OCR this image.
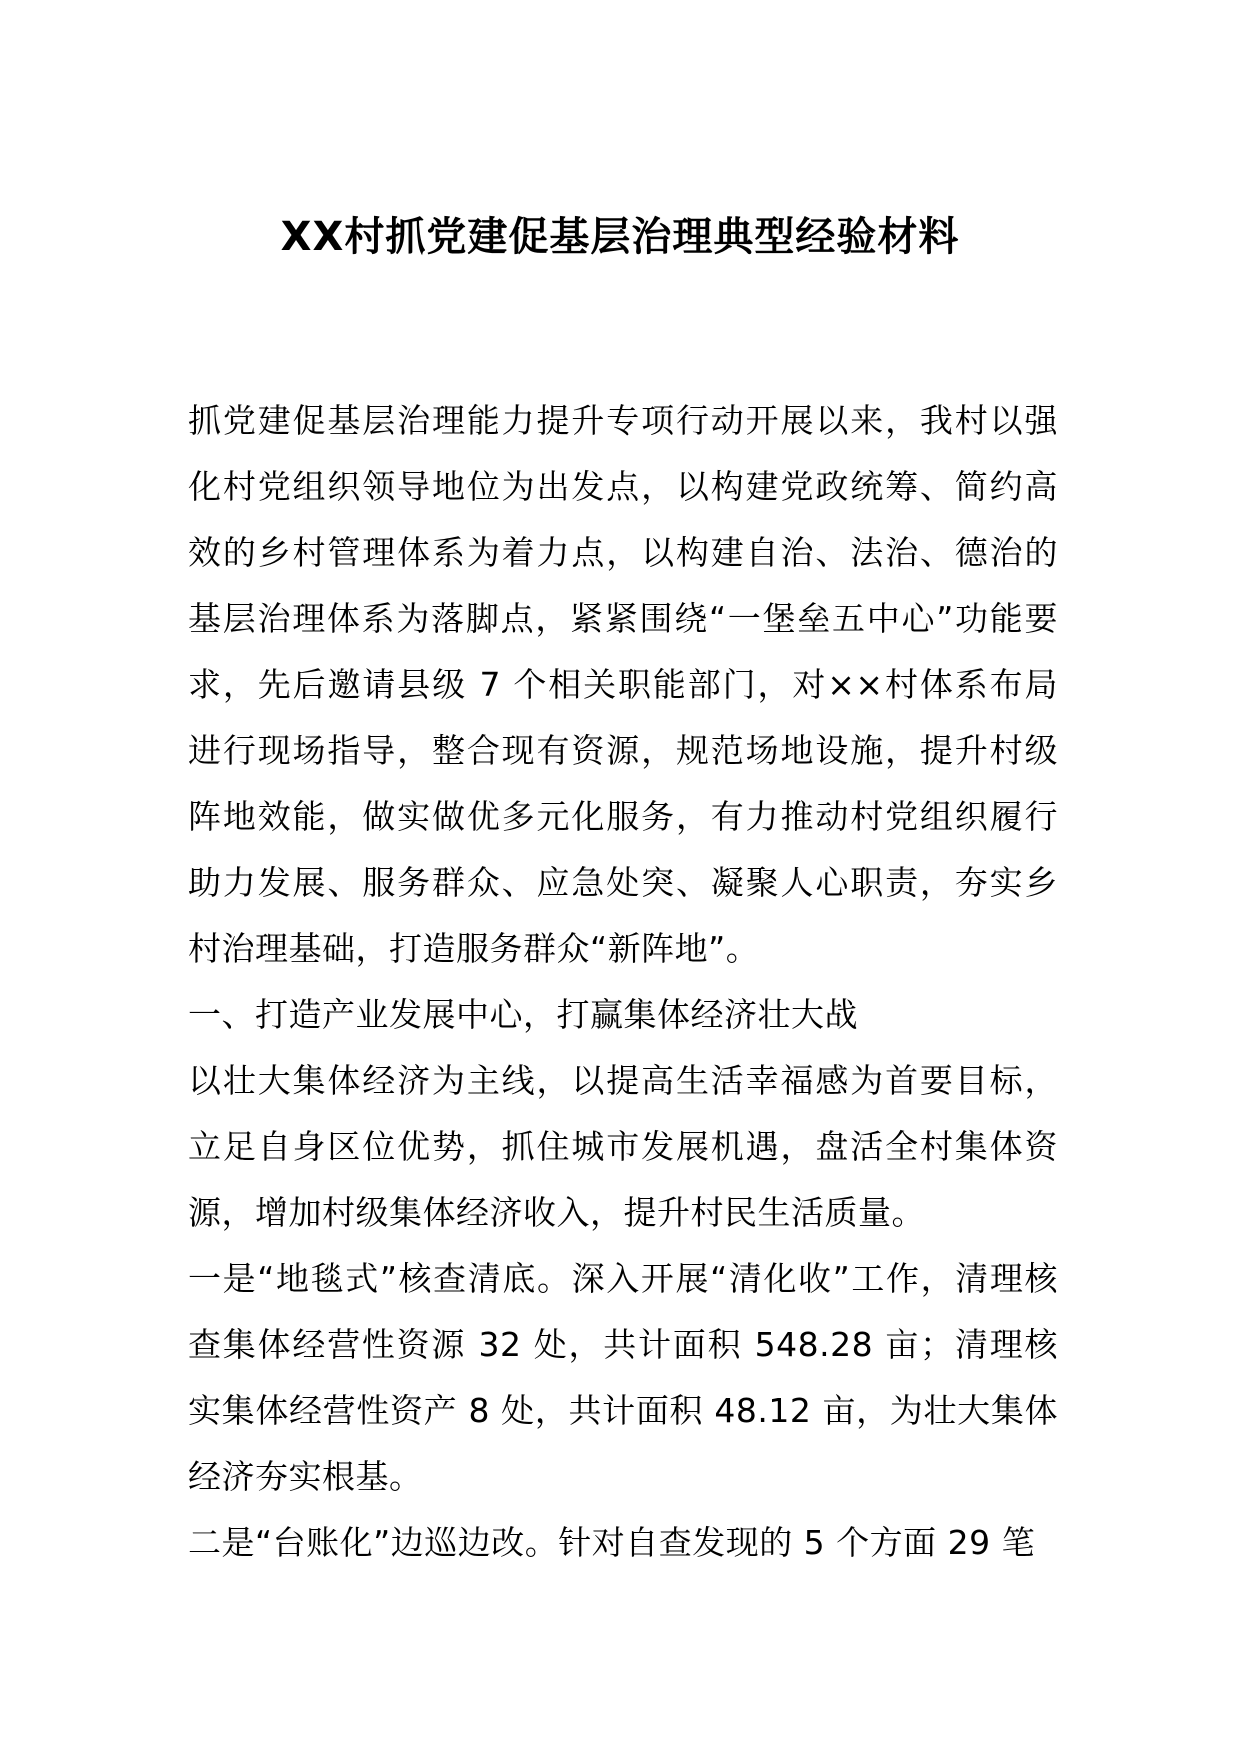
XX村抓党建促基层治理典型经验材料

抓党建促基层治理能力提升专项行动开展以来，我村以强化村党组织领导地位为出发点，以构建党政统筹、简约高效的乡村管理体系为着力点，以构建自治、法治、德治的基层治理体系为落脚点，紧紧围绕“一堡垒五中心”功能要求，先后邀请县级 7 个相关职能部门，对××村体系布局进行现场指导，整合现有资源，规范场地设施，提升村级阵地效能，做实做优多元化服务，有力推动村党组织履行助力发展、服务群众、应急处突、凝聚人心职责，夯实乡村治理基础，打造服务群众“新阵地”。

一、打造产业发展中心，打赢集体经济壮大战

以壮大集体经济为主线，以提高生活幸福感为首要目标，立足自身区位优势，抓住城市发展机遇，盘活全村集体资源，增加村级集体经济收入，提升村民生活质量。

一是“地毯式”核查清底。深入开展“清化收”工作，清理核查集体经营性资源 32 处，共计面积 548.28 亩；清理核实集体经营性资产 8 处，共计面积 48.12 亩，为壮大集体经济夯实根基。

二是“台账化”边巡边改。针对自查发现的 5 个方面 29 笔
